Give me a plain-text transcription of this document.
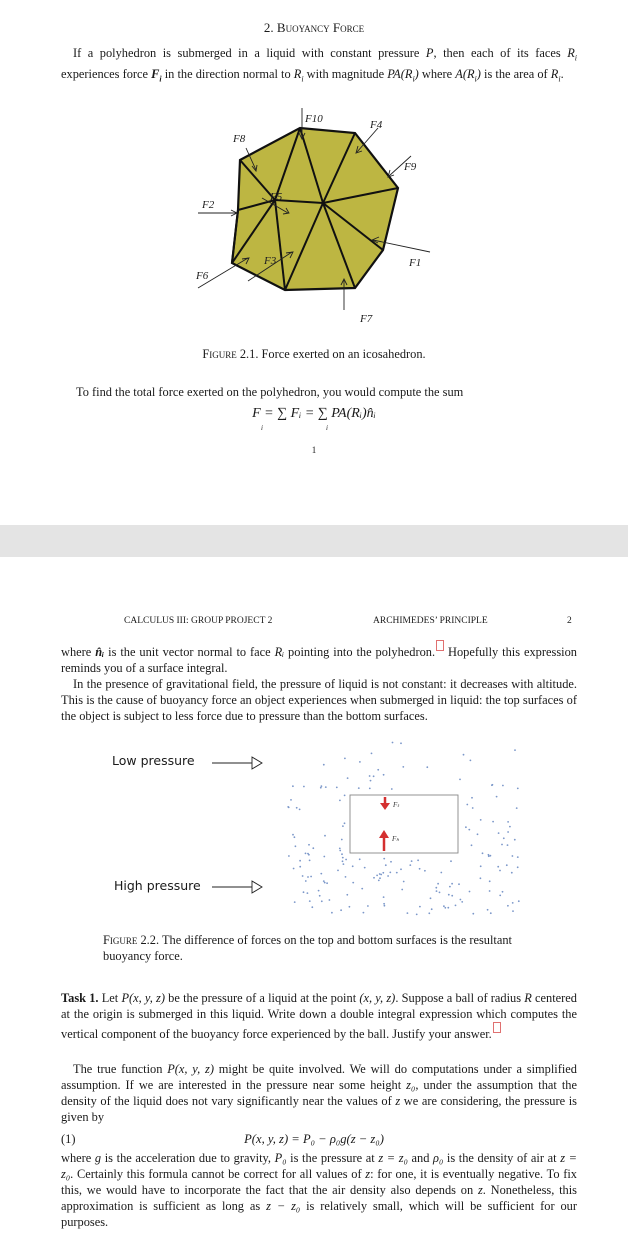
2. Buoyancy Force

If a polyhedron is submerged in a liquid with constant pressure P, then each of its faces $R_i$ experiences force $F_i$ in the direction normal to $R_i$ with magnitude $PA(R_i)$ where $A(R_i)$ is the area of $R_i$.

F10	F4
F8
F9
F2
F5
F1
F3
F6
F7
Figure 2.1. Force exerted on an icosahedron.
To find the total force exerted on the polyhedron, you would compute the sum
F = ∑ Fᵢ = ∑ PA(Rᵢ)n̂ᵢ
i	i
1
CALCULUS III: GROUP PROJECT 2	ARCHIMEDES’ PRINCIPLE	2

where n̂ᵢ is the unit vector normal to face Rᵢ pointing into the polyhedron. Hopefully this expression reminds you of a surface integral.

In the presence of gravitational field, the pressure of liquid is not constant: it decreases with altitude. This is the cause of buoyancy force an object experiences when submerged in liquid: the top surfaces of the object is subject to less force due to pressure than the bottom surfaces.

Low pressure
High pressure
Fₜ
Fₕ
Figure 2.2. The difference of forces on the top and bottom surfaces is the resultant buoyancy force.

Task 1. Let P(x, y, z) be the pressure of a liquid at the point (x, y, z). Suppose a ball of radius R centered at the origin is submerged in this liquid. Write down a double integral expression which computes the vertical component of the buoyancy force experienced by the ball. Justify your answer.

The true function P(x, y, z) might be quite involved. We will do computations under a simplified assumption. If we are interested in the pressure near some height z₀, under the assumption that the density of the liquid does not vary significantly near the values of z we are considering, the pressure is given by

(1)	P(x, y, z) = P₀ − ρ₀g(z − z₀)

where g is the acceleration due to gravity, P₀ is the pressure at z = z₀ and ρ₀ is the density of air at z = z₀. Certainly this formula cannot be correct for all values of z: for one, it is eventually negative. To fix this, we would have to incorporate the fact that the air density also depends on z. Nonetheless, this approximation is sufficient as long as z − z₀ is relatively small, which will be sufficient for our purposes.
